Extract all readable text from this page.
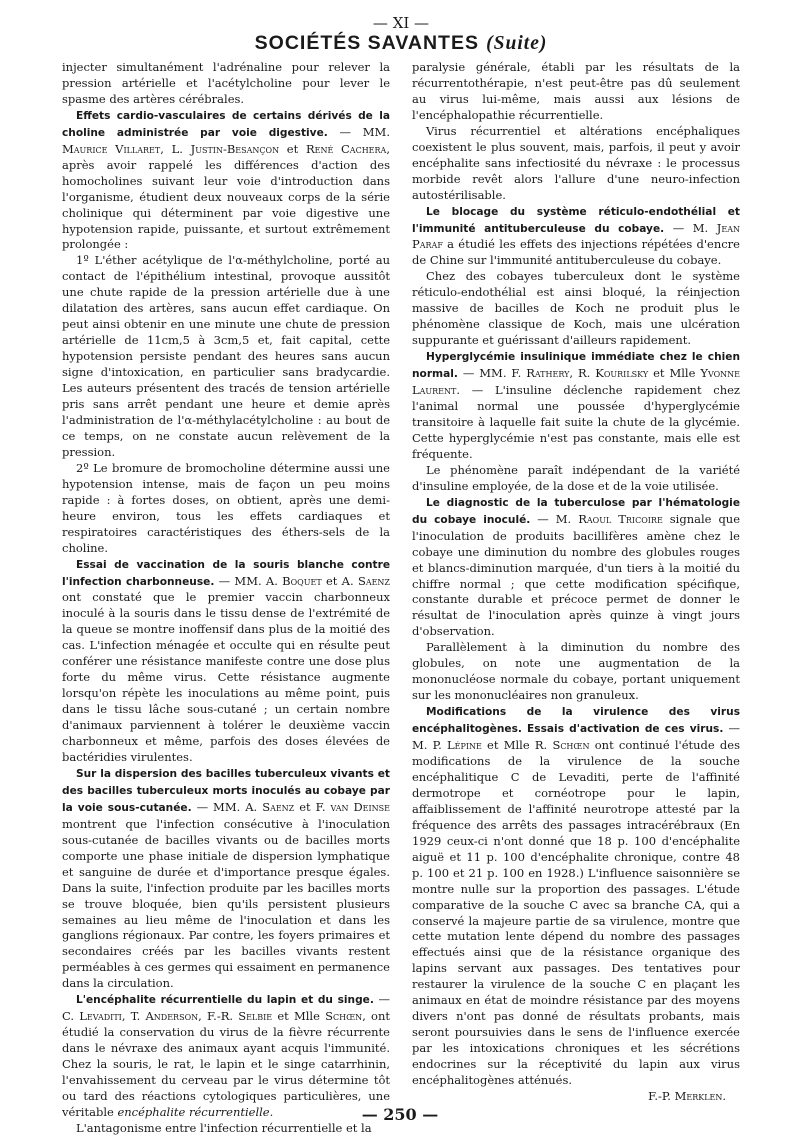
— XI —
SOCIÉTÉS SAVANTES (Suite)

injecter simultanément l'adrénaline pour relever la pression artérielle et l'acétylcholine pour lever le spasme des artères cérébrales.

Effets cardio-vasculaires de certains dérivés de la choline administrée par voie digestive. — MM. Maurice Villaret, L. Justin-Besançon et René Cachera, après avoir rappelé les différences d'action des homocholines suivant leur voie d'introduction dans l'organisme, étudient deux nouveaux corps de la série cholinique qui déterminent par voie digestive une hypotension rapide, puissante, et surtout extrêmement prolongée :

1º L'éther acétylique de l'α-méthylcholine, porté au contact de l'épithélium intestinal, provoque aussitôt une chute rapide de la pression artérielle due à une dilatation des artères, sans aucun effet cardiaque. On peut ainsi obtenir en une minute une chute de pression artérielle de 11cm,5 à 3cm,5 et, fait capital, cette hypotension persiste pendant des heures sans aucun signe d'intoxication, en particulier sans bradycardie. Les auteurs présentent des tracés de tension artérielle pris sans arrêt pendant une heure et demie après l'administration de l'α-méthylacétylcholine : au bout de ce temps, on ne constate aucun relèvement de la pression.

2º Le bromure de bromocholine détermine aussi une hypotension intense, mais de façon un peu moins rapide : à fortes doses, on obtient, après une demi-heure environ, tous les effets cardiaques et respiratoires caractéristiques des éthers-sels de la choline.

Essai de vaccination de la souris blanche contre l'infection charbonneuse. — MM. A. Boquet et A. Saenz ont constaté que le premier vaccin charbonneux inoculé à la souris dans le tissu dense de l'extrémité de la queue se montre inoffensif dans plus de la moitié des cas. L'infection ménagée et occulte qui en résulte peut conférer une résistance manifeste contre une dose plus forte du même virus. Cette résistance augmente lorsqu'on répète les inoculations au même point, puis dans le tissu lâche sous-cutané ; un certain nombre d'animaux parviennent à tolérer le deuxième vaccin charbonneux et même, parfois des doses élevées de bactéridies virulentes.

Sur la dispersion des bacilles tuberculeux vivants et des bacilles tuberculeux morts inoculés au cobaye par la voie sous-cutanée. — MM. A. Saenz et F. van Deinse montrent que l'infection consécutive à l'inoculation sous-cutanée de bacilles vivants ou de bacilles morts comporte une phase initiale de dispersion lymphatique et sanguine de durée et d'importance presque égales. Dans la suite, l'infection produite par les bacilles morts se trouve bloquée, bien qu'ils persistent plusieurs semaines au lieu même de l'inoculation et dans les ganglions régionaux. Par contre, les foyers primaires et secondaires créés par les bacilles vivants restent perméables à ces germes qui essaiment en permanence dans la circulation.

L'encéphalite récurrentielle du lapin et du singe. — C. Levaditi, T. Anderson, F.-R. Selbie et Mlle Schœn, ont étudié la conservation du virus de la fièvre récurrente dans le névraxe des animaux ayant acquis l'immunité. Chez la souris, le rat, le lapin et le singe catarrhinin, l'envahissement du cerveau par le virus détermine tôt ou tard des réactions cytologiques particulières, une véritable encéphalite récurrentielle.

L'antagonisme entre l'infection récurrentielle et la

paralysie générale, établi par les résultats de la récurrentothérapie, n'est peut-être pas dû seulement au virus lui-même, mais aussi aux lésions de l'encéphalopathie récurrentielle.

Virus récurrentiel et altérations encéphaliques coexistent le plus souvent, mais, parfois, il peut y avoir encéphalite sans infectiosité du névraxe : le processus morbide revêt alors l'allure d'une neuro-infection autostérilisable.

Le blocage du système réticulo-endothélial et l'immunité antituberculeuse du cobaye. — M. Jean Paraf a étudié les effets des injections répétées d'encre de Chine sur l'immunité antituberculeuse du cobaye.

Chez des cobayes tuberculeux dont le système réticulo-endothélial est ainsi bloqué, la réinjection massive de bacilles de Koch ne produit plus le phénomène classique de Koch, mais une ulcération suppurante et guérissant d'ailleurs rapidement.

Hyperglycémie insulinique immédiate chez le chien normal. — MM. F. Rathery, R. Kourilsky et Mlle Yvonne Laurent. — L'insuline déclenche rapidement chez l'animal normal une poussée d'hyperglycémie transitoire à laquelle fait suite la chute de la glycémie. Cette hyperglycémie n'est pas constante, mais elle est fréquente.

Le phénomène paraît indépendant de la variété d'insuline employée, de la dose et de la voie utilisée.

Le diagnostic de la tuberculose par l'hématologie du cobaye inoculé. — M. Raoul Tricoire signale que l'inoculation de produits bacillifères amène chez le cobaye une diminution du nombre des globules rouges et blancs-diminution marquée, d'un tiers à la moitié du chiffre normal ; que cette modification spécifique, constante durable et précoce permet de donner le résultat de l'inoculation après quinze à vingt jours d'observation.

Parallèlement à la diminution du nombre des globules, on note une augmentation de la mononucléose normale du cobaye, portant uniquement sur les mononucléaires non granuleux.

Modifications de la virulence des virus encéphalitogènes. Essais d'activation de ces virus. — M. P. Lépine et Mlle R. Schœn ont continué l'étude des modifications de la virulence de la souche encéphalitique C de Levaditi, perte de l'affinité dermotrope et cornéotrope pour le lapin, affaiblissement de l'affinité neurotrope attesté par la fréquence des arrêts des passages intracérébraux (En 1929 ceux-ci n'ont donné que 18 p. 100 d'encéphalite aiguë et 11 p. 100 d'encéphalite chronique, contre 48 p. 100 et 21 p. 100 en 1928.) L'influence saisonnière se montre nulle sur la proportion des passages. L'étude comparative de la souche C avec sa branche CA, qui a conservé la majeure partie de sa virulence, montre que cette mutation lente dépend du nombre des passages effectués ainsi que de la résistance organique des lapins servant aux passages. Des tentatives pour restaurer la virulence de la souche C en plaçant les animaux en état de moindre résistance par des moyens divers n'ont pas donné de résultats probants, mais seront poursuivies dans le sens de l'influence exercée par les intoxications chroniques et les sécrétions endocrines sur la réceptivité du lapin aux virus encéphalitogènes atténués.

F.-P. Merklen.

— 250 —
